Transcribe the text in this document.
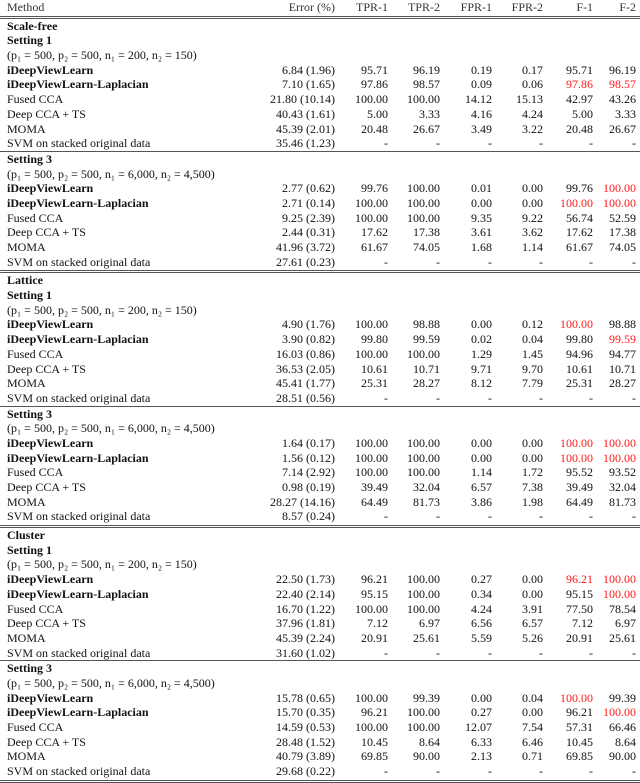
Method	Error (%) TPR-1 TPR-2 FPR-1 FPR-2	F-1 F-2
Scale-free
Setting 1
(p₁ = 500, p₂ = 500, n₁ = 200, n₂ = 150)
iDeepViewLearn	6.84 (1.96) 95.71 96.19	0.19	0.17 95.71 96.19
iDeepViewLearn-Laplacian	7.10 (1.65) 97.86 98.57	0.09	0.06 97.86 98.57
Fused CCA	21.80 (10.14) 100.00 100.00 14.12 15.13 42.97 43.26
Deep CCA + TS	40.43 (1.61)	5.00	3.33	4.16	4.24 5.00 3.33
MOMA	45.39 (2.01) 20.48 26.67	3.49	3.22 20.48 26.67
SVM on stacked original data	35.46 (1.23)	-	-	-	-	-	-
Setting 3
(p₁ = 500, p₂ = 500, n₁ = 6,000, n₂ = 4,500)
iDeepViewLearn	2.77 (0.62) 99.76 100.00	0.01	0.00 99.76 100.00
iDeepViewLearn-Laplacian	2.71 (0.14) 100.00 100.00	0.00	0.00 100.00 100.00
Fused CCA	9.25 (2.39) 100.00 100.00	9.35	9.22 56.74 52.59
Deep CCA + TS	2.44 (0.31) 17.62 17.38	3.61	3.62 17.62 17.38
MOMA	41.96 (3.72) 61.67 74.05	1.68	1.14 61.67 74.05
SVM on stacked original data	27.61 (0.23)	-	-	-	-	-	-
Lattice
Setting 1
(p₁ = 500, p₂ = 500, n₁ = 200, n₂ = 150)
iDeepViewLearn	4.90 (1.76) 100.00 98.88	0.00	0.12 100.00 98.88
iDeepViewLearn-Laplacian	3.90 (0.82) 99.80 99.59	0.02	0.04 99.80 99.59
Fused CCA	16.03 (0.86) 100.00 100.00	1.29	1.45 94.96 94.77
Deep CCA + TS	36.53 (2.05) 10.61 10.71	9.71	9.70 10.61 10.71
MOMA	45.41 (1.77) 25.31 28.27	8.12	7.79 25.31 28.27
SVM on stacked original data	28.51 (0.56)	-	-	-	-	-	-
Setting 3
(p₁ = 500, p₂ = 500, n₁ = 6,000, n₂ = 4,500)
iDeepViewLearn	1.64 (0.17) 100.00 100.00	0.00	0.00 100.00 100.00
iDeepViewLearn-Laplacian	1.56 (0.12) 100.00 100.00	0.00	0.00 100.00 100.00
Fused CCA	7.14 (2.92) 100.00 100.00	1.14	1.72 95.52 93.52
Deep CCA + TS	0.98 (0.19) 39.49 32.04	6.57	7.38 39.49 32.04
MOMA	28.27 (14.16) 64.49 81.73	3.86	1.98 64.49 81.73
SVM on stacked original data	8.57 (0.24)	-	-	-	-	-	-
Cluster
Setting 1
(p₁ = 500, p₂ = 500, n₁ = 200, n₂ = 150)
iDeepViewLearn	22.50 (1.73) 96.21 100.00	0.27	0.00 96.21 100.00
iDeepViewLearn-Laplacian	22.40 (2.14) 95.15 100.00	0.34	0.00 95.15 100.00
Fused CCA	16.70 (1.22) 100.00 100.00	4.24	3.91 77.50 78.54
Deep CCA + TS	37.96 (1.81)	7.12	6.97	6.56	6.57 7.12 6.97
MOMA	45.39 (2.24) 20.91 25.61	5.59	5.26 20.91 25.61
SVM on stacked original data	31.60 (1.02)	-	-	-	-	-	-
Setting 3
(p₁ = 500, p₂ = 500, n₁ = 6,000, n₂ = 4,500)
iDeepViewLearn	15.78 (0.65) 100.00 99.39	0.00	0.04 100.00 99.39
iDeepViewLearn-Laplacian	15.70 (0.35) 96.21 100.00	0.27	0.00 96.21 100.00
Fused CCA	14.59 (0.53) 100.00 100.00 12.07	7.54 57.31 66.46
Deep CCA + TS	28.48 (1.52) 10.45	8.64	6.33	6.46 10.45 8.64
MOMA	40.79 (3.89) 69.85 90.00	2.13	0.71 69.85 90.00
SVM on stacked original data	29.68 (0.22)	-	-	-	-	-	-
